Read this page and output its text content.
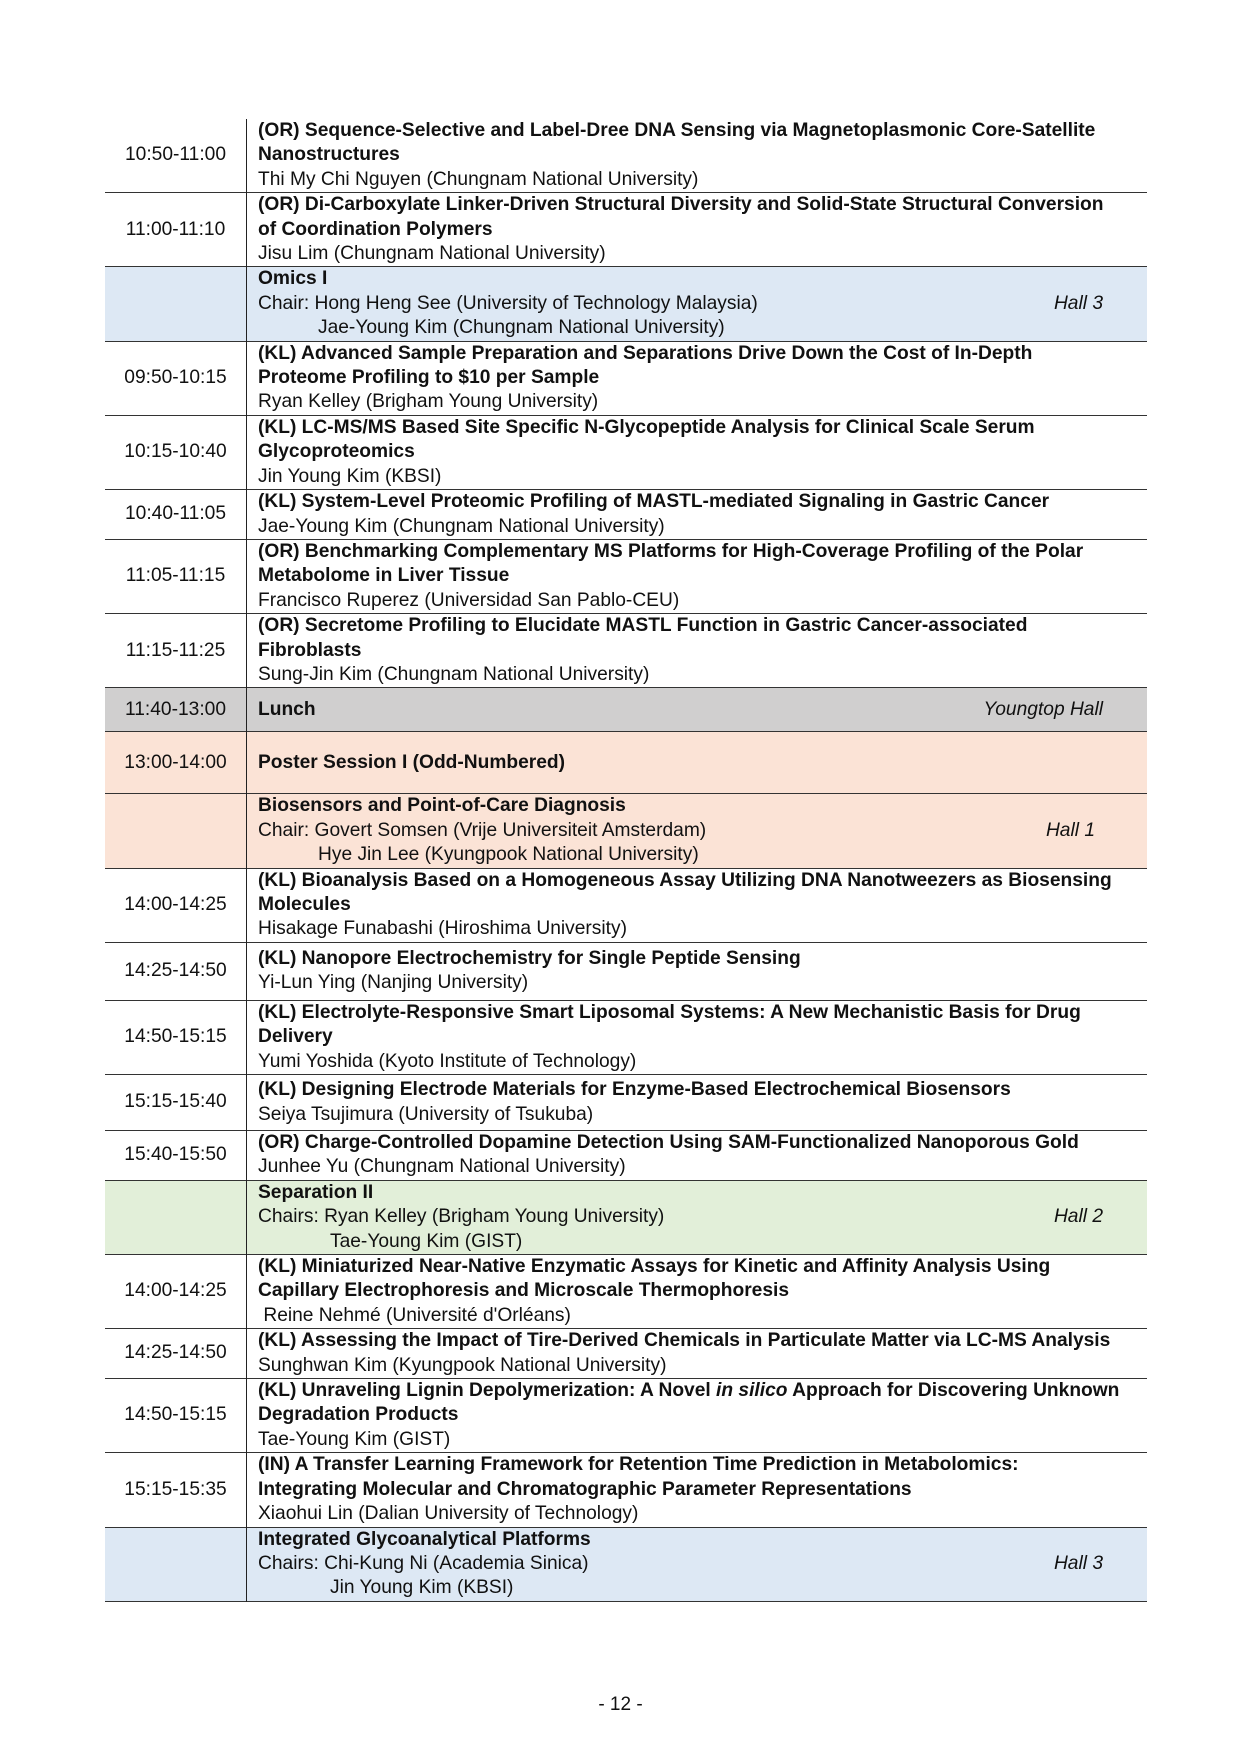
10:50-11:00	(OR) Sequence-Selective and Label-Dree DNA Sensing via Magnetoplasmonic Core-Satellite Nanostructures
Thi My Chi Nguyen (Chungnam National University)

11:00-11:10	(OR) Di-Carboxylate Linker-Driven Structural Diversity and Solid-State Structural Conversion of Coordination Polymers
Jisu Lim (Chungnam National University)

	Omics I
Chair: Hong Heng See (University of Technology Malaysia) Hall 3
Jae-Young Kim (Chungnam National University)

09:50-10:15	(KL) Advanced Sample Preparation and Separations Drive Down the Cost of In-Depth Proteome Profiling to $10 per Sample
Ryan Kelley (Brigham Young University)

10:15-10:40	(KL) LC-MS/MS Based Site Specific N-Glycopeptide Analysis for Clinical Scale Serum Glycoproteomics
Jin Young Kim (KBSI)

10:40-11:05	(KL) System-Level Proteomic Profiling of MASTL-mediated Signaling in Gastric Cancer
Jae-Young Kim (Chungnam National University)

11:05-11:15	(OR) Benchmarking Complementary MS Platforms for High-Coverage Profiling of the Polar Metabolome in Liver Tissue
Francisco Ruperez (Universidad San Pablo-CEU)

11:15-11:25	(OR) Secretome Profiling to Elucidate MASTL Function in Gastric Cancer-associated Fibroblasts
Sung-Jin Kim (Chungnam National University)

11:40-13:00	Lunch Youngtop Hall

13:00-14:00	Poster Session I (Odd-Numbered)

	Biosensors and Point-of-Care Diagnosis
Chair: Govert Somsen (Vrije Universiteit Amsterdam) Hall 1
Hye Jin Lee (Kyungpook National University)

14:00-14:25	(KL) Bioanalysis Based on a Homogeneous Assay Utilizing DNA Nanotweezers as Biosensing Molecules
Hisakage Funabashi (Hiroshima University)

14:25-14:50	(KL) Nanopore Electrochemistry for Single Peptide Sensing
Yi-Lun Ying (Nanjing University)

14:50-15:15	(KL) Electrolyte-Responsive Smart Liposomal Systems: A New Mechanistic Basis for Drug Delivery
Yumi Yoshida (Kyoto Institute of Technology)

15:15-15:40	(KL) Designing Electrode Materials for Enzyme-Based Electrochemical Biosensors
Seiya Tsujimura (University of Tsukuba)

15:40-15:50	(OR) Charge-Controlled Dopamine Detection Using SAM-Functionalized Nanoporous Gold
Junhee Yu (Chungnam National University)

	Separation II
Chairs: Ryan Kelley (Brigham Young University) Hall 2
Tae-Young Kim (GIST)

14:00-14:25	(KL) Miniaturized Near-Native Enzymatic Assays for Kinetic and Affinity Analysis Using Capillary Electrophoresis and Microscale Thermophoresis
Reine Nehmé (Université d'Orléans)

14:25-14:50	(KL) Assessing the Impact of Tire-Derived Chemicals in Particulate Matter via LC-MS Analysis
Sunghwan Kim (Kyungpook National University)

14:50-15:15	(KL) Unraveling Lignin Depolymerization: A Novel in silico Approach for Discovering Unknown Degradation Products
Tae-Young Kim (GIST)

15:15-15:35	(IN) A Transfer Learning Framework for Retention Time Prediction in Metabolomics: Integrating Molecular and Chromatographic Parameter Representations
Xiaohui Lin (Dalian University of Technology)

	Integrated Glycoanalytical Platforms
Chairs: Chi-Kung Ni (Academia Sinica) Hall 3
Jin Young Kim (KBSI)
- 12 -
